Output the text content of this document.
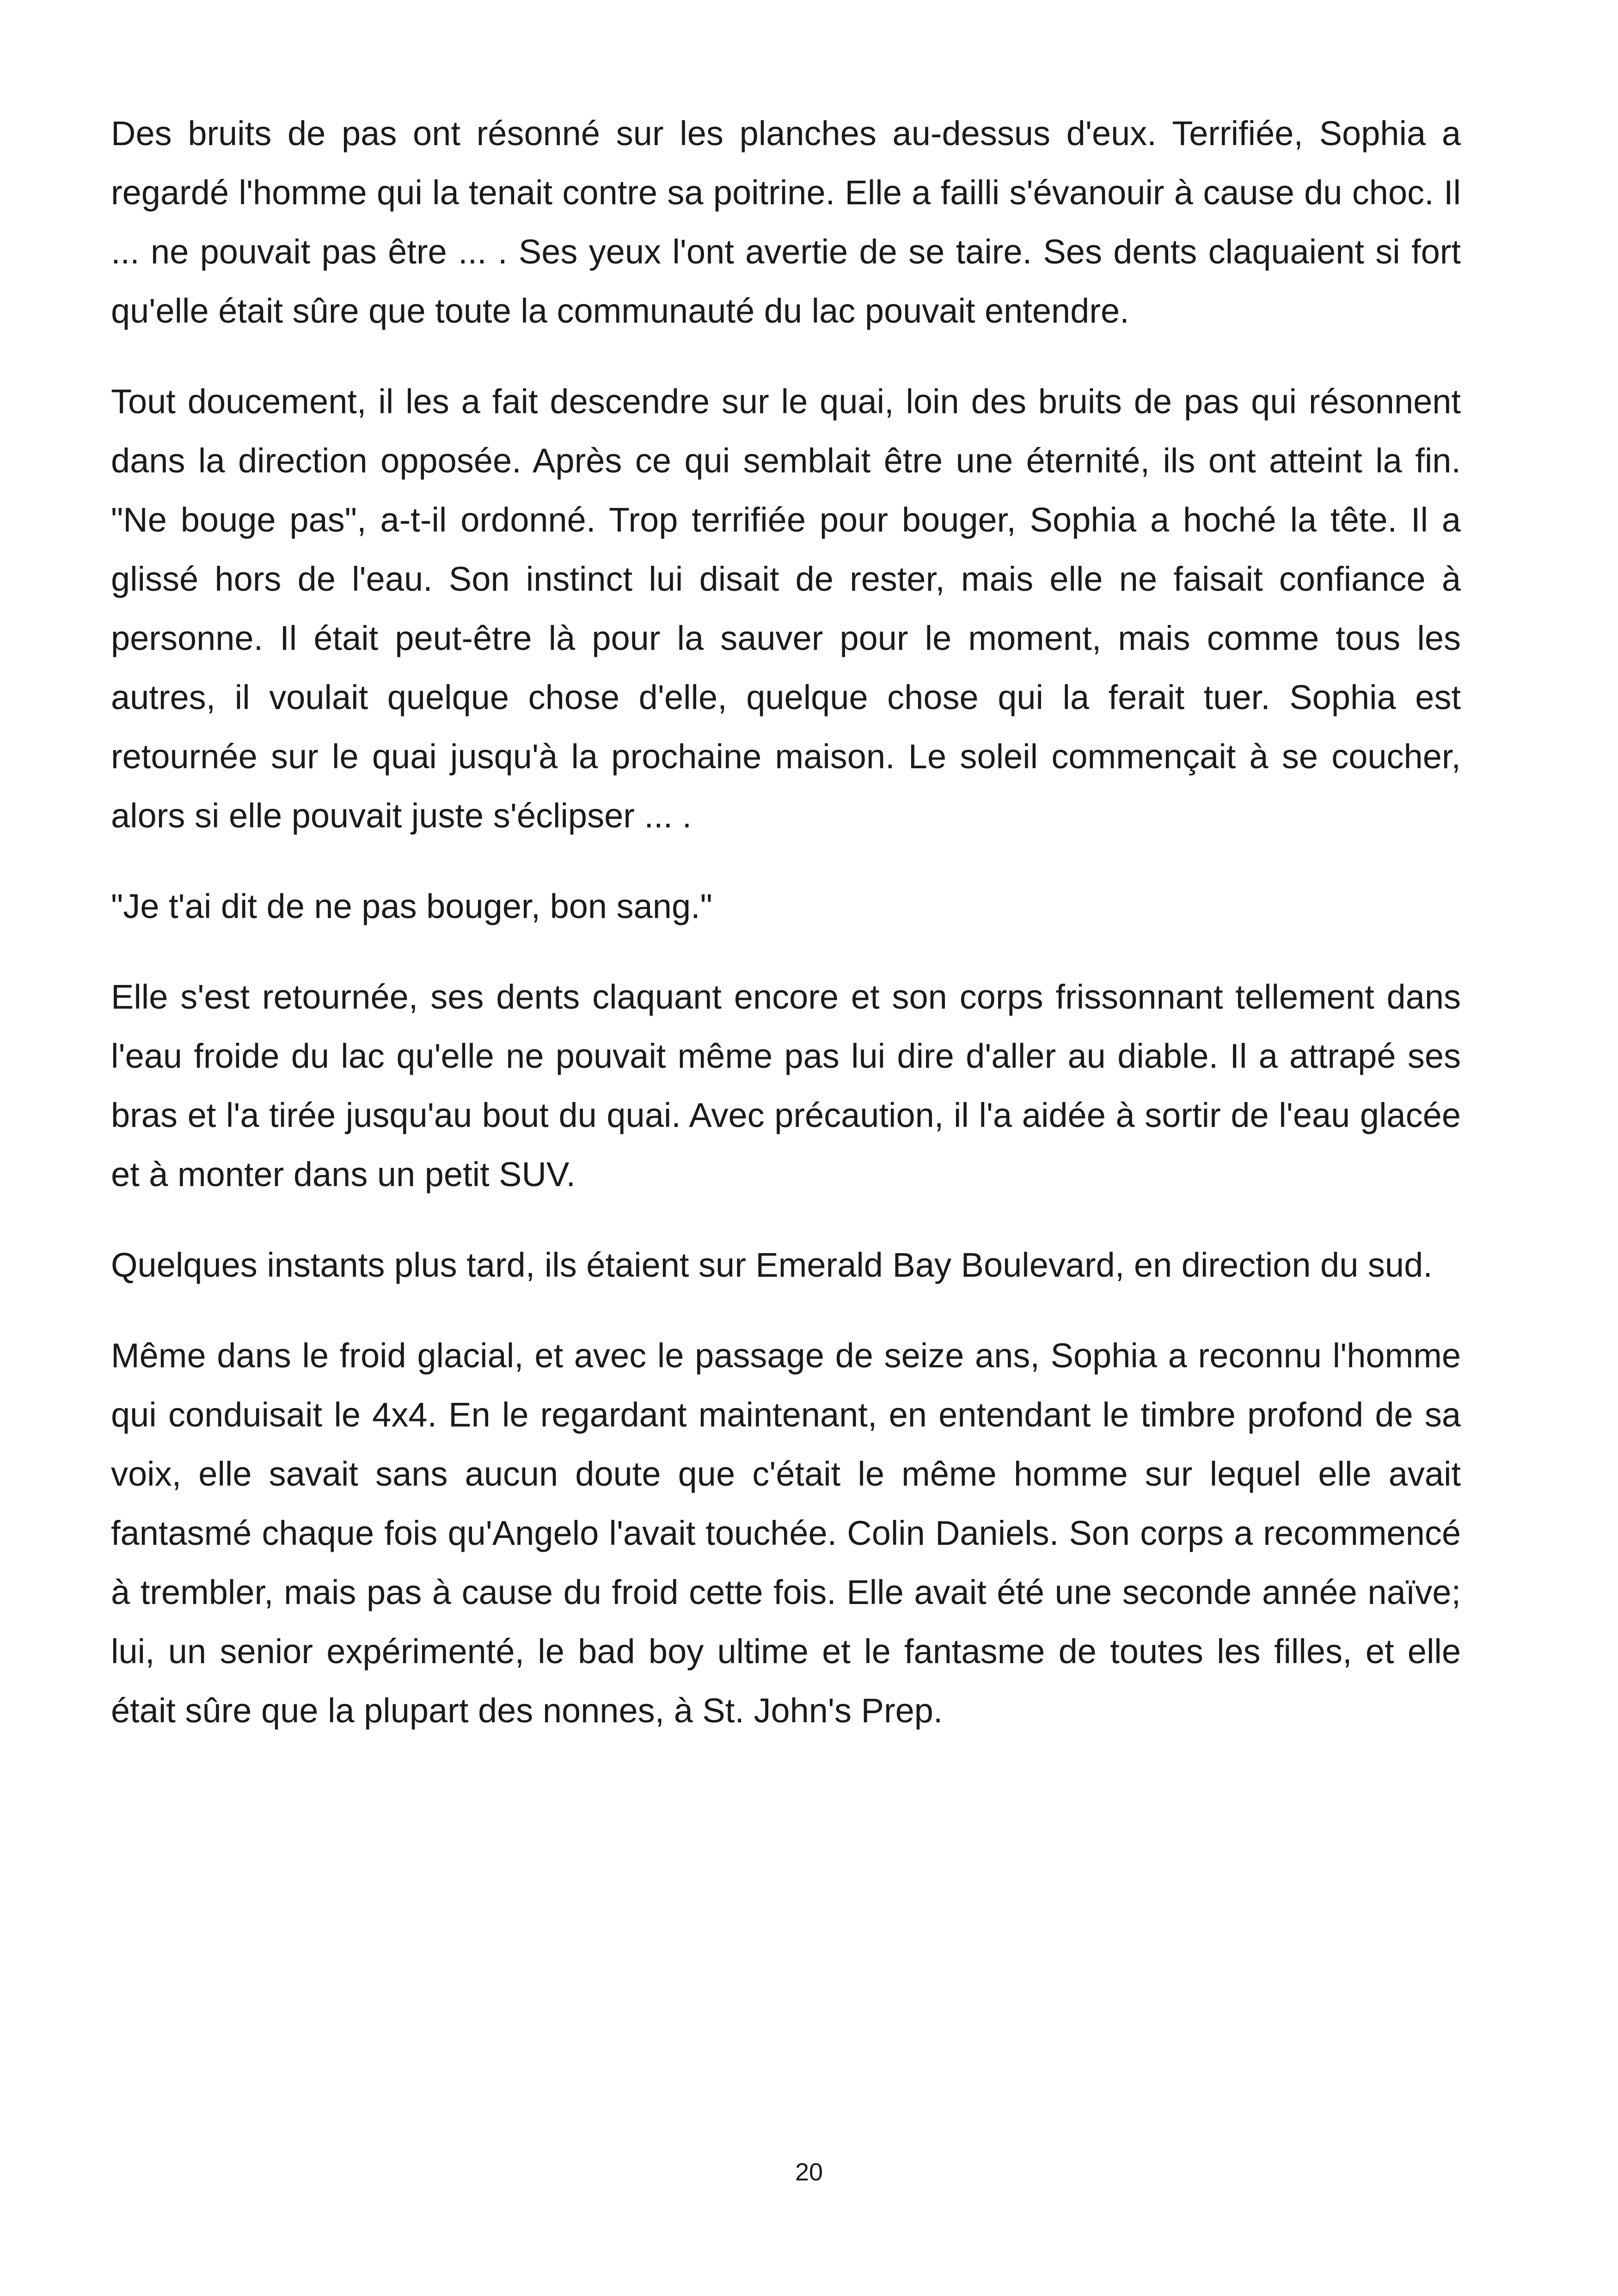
Des bruits de pas ont résonné sur les planches au-dessus d'eux. Terrifiée, Sophia a regardé l'homme qui la tenait contre sa poitrine. Elle a failli s'évanouir à cause du choc. Il ... ne pouvait pas être ... . Ses yeux l'ont avertie de se taire. Ses dents claquaient si fort qu'elle était sûre que toute la communauté du lac pouvait entendre.

Tout doucement, il les a fait descendre sur le quai, loin des bruits de pas qui résonnent dans la direction opposée. Après ce qui semblait être une éternité, ils ont atteint la fin. "Ne bouge pas", a-t-il ordonné. Trop terrifiée pour bouger, Sophia a hoché la tête. Il a glissé hors de l'eau. Son instinct lui disait de rester, mais elle ne faisait confiance à personne. Il était peut-être là pour la sauver pour le moment, mais comme tous les autres, il voulait quelque chose d'elle, quelque chose qui la ferait tuer. Sophia est retournée sur le quai jusqu'à la prochaine maison. Le soleil commençait à se coucher, alors si elle pouvait juste s'éclipser ... .

"Je t'ai dit de ne pas bouger, bon sang."

Elle s'est retournée, ses dents claquant encore et son corps frissonnant tellement dans l'eau froide du lac qu'elle ne pouvait même pas lui dire d'aller au diable. Il a attrapé ses bras et l'a tirée jusqu'au bout du quai. Avec précaution, il l'a aidée à sortir de l'eau glacée et à monter dans un petit SUV.

Quelques instants plus tard, ils étaient sur Emerald Bay Boulevard, en direction du sud.

Même dans le froid glacial, et avec le passage de seize ans, Sophia a reconnu l'homme qui conduisait le 4x4. En le regardant maintenant, en entendant le timbre profond de sa voix, elle savait sans aucun doute que c'était le même homme sur lequel elle avait fantasmé chaque fois qu'Angelo l'avait touchée. Colin Daniels. Son corps a recommencé à trembler, mais pas à cause du froid cette fois. Elle avait été une seconde année naïve; lui, un senior expérimenté, le bad boy ultime et le fantasme de toutes les filles, et elle était sûre que la plupart des nonnes, à St. John's Prep.

20
